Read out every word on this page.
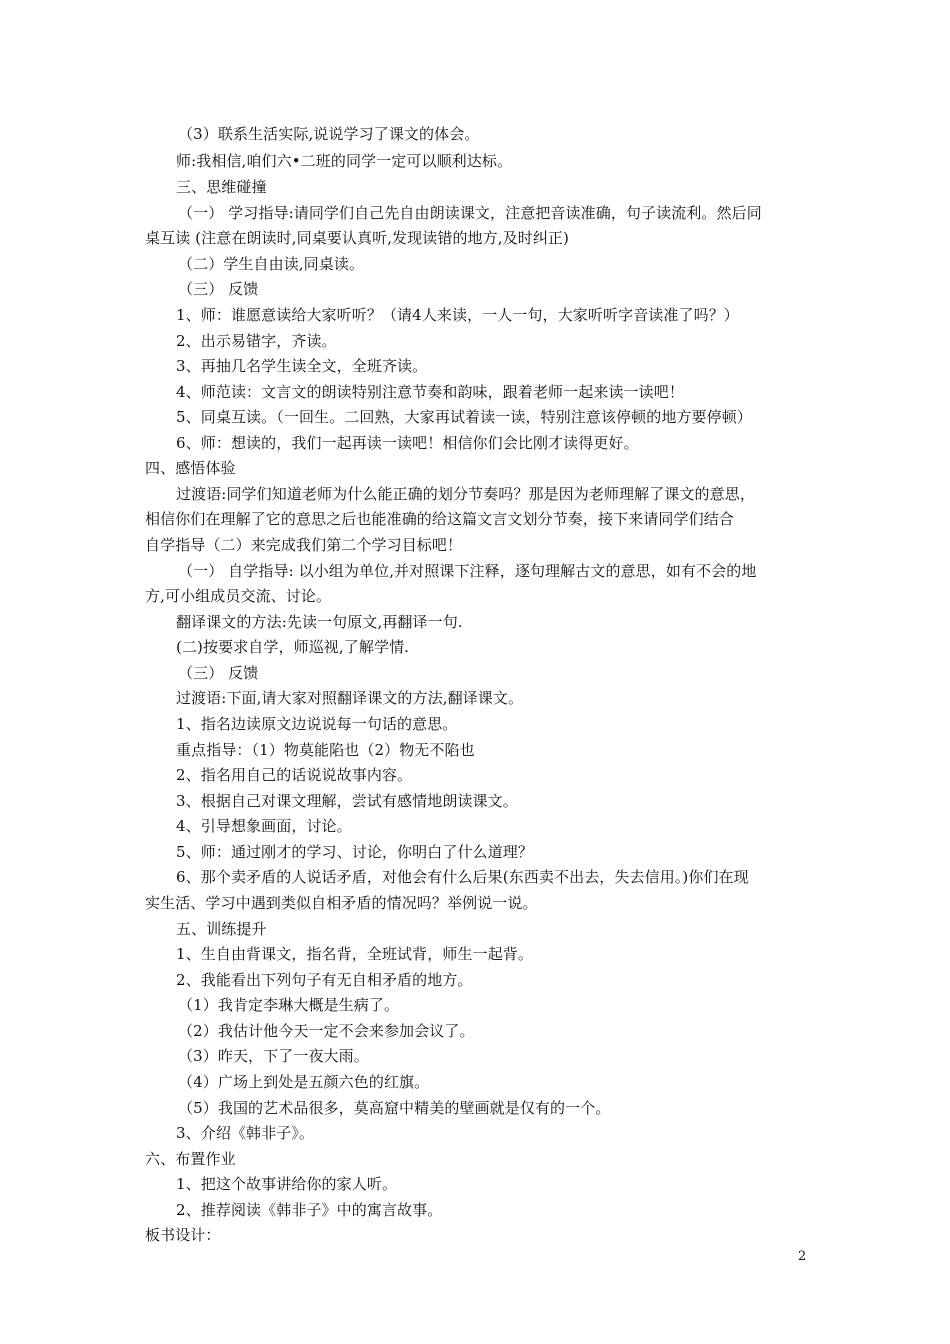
（3）联系生活实际,说说学习了课文的体会。
师:我相信,咱们六•二班的同学一定可以顺利达标。
三、思维碰撞
（一） 学习指导:请同学们自己先自由朗读课文，注意把音读准确，句子读流利。然后同
桌互读 (注意在朗读时,同桌要认真听,发现读错的地方,及时纠正)
（二）学生自由读,同桌读。
（三） 反馈
1、师：谁愿意读给大家听听？（请4人来读，一人一句，大家听听字音读准了吗？）
2、出示易错字，齐读。
3、再抽几名学生读全文，全班齐读。
4、师范读：文言文的朗读特别注意节奏和韵味，跟着老师一起来读一读吧！
5、同桌互读。（一回生。二回熟，大家再试着读一读，特别注意该停顿的地方要停顿）
6、师：想读的，我们一起再读一读吧！相信你们会比刚才读得更好。
四、感悟体验
过渡语:同学们知道老师为什么能正确的划分节奏吗？那是因为老师理解了课文的意思，
相信你们在理解了它的意思之后也能准确的给这篇文言文划分节奏，接下来请同学们结合
自学指导（二）来完成我们第二个学习目标吧！
（一） 自学指导: 以小组为单位,并对照课下注释，逐句理解古文的意思，如有不会的地
方,可小组成员交流、讨论。
翻译课文的方法:先读一句原文,再翻译一句.
(二)按要求自学，师巡视,了解学情.
（三） 反馈
过渡语:下面,请大家对照翻译课文的方法,翻译课文。
1、指名边读原文边说说每一句话的意思。
重点指导：（1）物莫能陷也（2）物无不陷也
2、指名用自己的话说说故事内容。
3、根据自己对课文理解，尝试有感情地朗读课文。
4、引导想象画面，讨论。
5、师：通过刚才的学习、讨论，你明白了什么道理？
6、那个卖矛盾的人说话矛盾，对他会有什么后果(东西卖不出去，失去信用。)你们在现
实生活、学习中遇到类似自相矛盾的情况吗？举例说一说。
五、训练提升
1、生自由背课文，指名背，全班试背，师生一起背。
2、我能看出下列句子有无自相矛盾的地方。
（1）我肯定李琳大概是生病了。
（2）我估计他今天一定不会来参加会议了。
（3）昨天，下了一夜大雨。
（4）广场上到处是五颜六色的红旗。
（5）我国的艺术品很多，莫高窟中精美的壁画就是仅有的一个。
3、介绍《韩非子》。
六、布置作业
1、把这个故事讲给你的家人听。
2、推荐阅读《韩非子》中的寓言故事。
板书设计：
2
